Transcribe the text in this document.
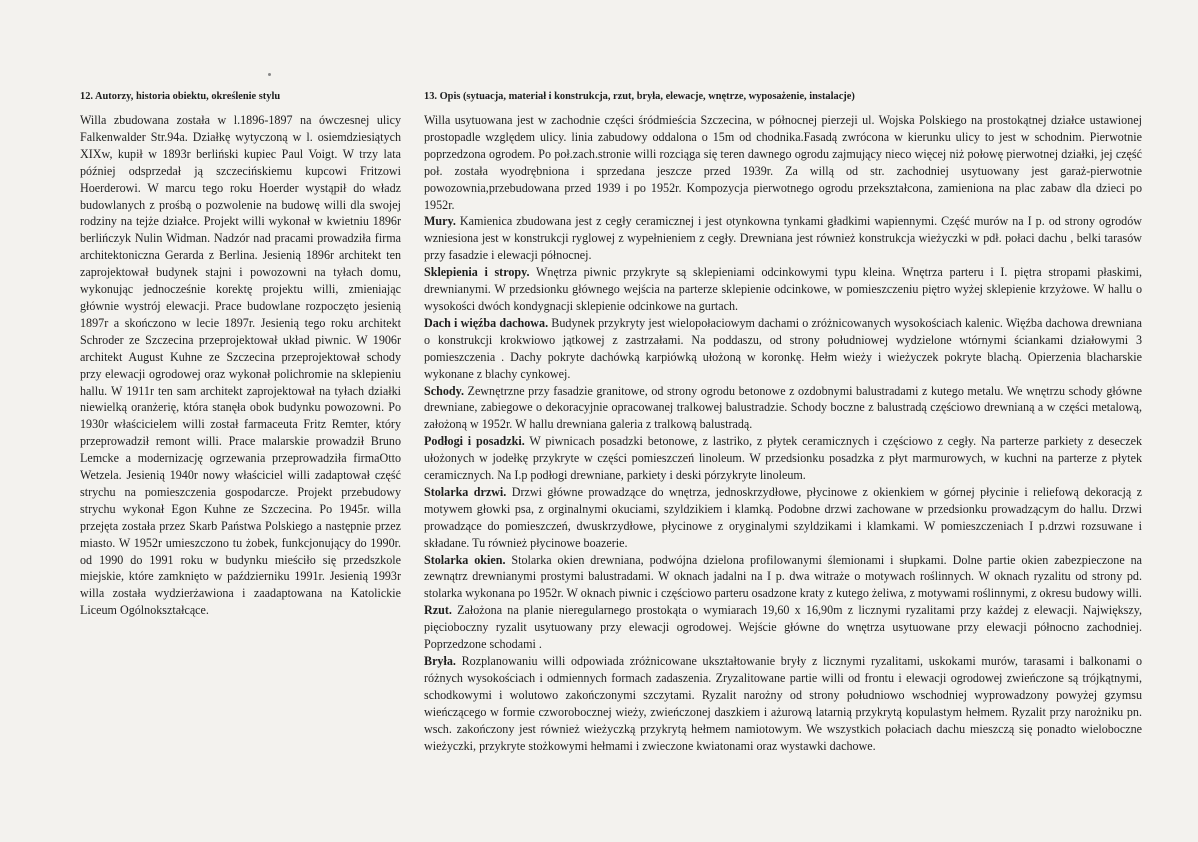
12. Autorzy, historia obiektu, określenie stylu

Willa zbudowana została w l.1896-1897 na ówczesnej ulicy Falkenwalder Str.94a. Działkę wytyczoną w l. osiemdziesiątych XIXw, kupił w 1893r berliński kupiec Paul Voigt. W trzy lata później odsprzedał ją szczecińskiemu kupcowi Fritzowi Hoerderowi. W marcu tego roku Hoerder wystąpił do władz budowlanych z prośbą o pozwolenie na budowę willi dla swojej rodziny na tejże działce. Projekt willi wykonał w kwietniu 1896r berlińczyk Nulin Widman. Nadzór nad pracami prowadziła firma architektoniczna Gerarda z Berlina. Jesienią 1896r architekt ten zaprojektował budynek stajni i powozowni na tyłach domu, wykonując jednocześnie korektę projektu willi, zmieniając głównie wystrój elewacji. Prace budowlane rozpoczęto jesienią 1897r a skończono w lecie 1897r. Jesienią tego roku architekt Schroder ze Szczecina przeprojektował układ piwnic. W 1906r architekt August Kuhne ze Szczecina przeprojektował schody przy elewacji ogrodowej oraz wykonał polichromie na sklepieniu hallu. W 1911r ten sam architekt zaprojektował na tyłach działki niewielką oranżerię, która stanęła obok budynku powozowni. Po 1930r właścicielem willi został farmaceuta Fritz Remter, który przeprowadził remont willi. Prace malarskie prowadził Bruno Lemcke a modernizację ogrzewania przeprowadziła firmaOtto Wetzela. Jesienią 1940r nowy właściciel willi zadaptował część strychu na pomieszczenia gospodarcze. Projekt przebudowy strychu wykonał Egon Kuhne ze Szczecina. Po 1945r. willa przejęta została przez Skarb Państwa Polskiego a następnie przez miasto. W 1952r umieszczono tu żobek, funkcjonujący do 1990r. od 1990 do 1991 roku w budynku mieściło się przedszkole miejskie, które zamknięto w październiku 1991r. Jesienią 1993r willa została wydzierżawiona i zaadaptowana na Katolickie Liceum Ogólnokształcące.

13. Opis (sytuacja, materiał i konstrukcja, rzut, bryła, elewacje, wnętrze, wyposażenie, instalacje)

Willa usytuowana jest w zachodnie części śródmieścia Szczecina, w północnej pierzeji ul. Wojska Polskiego na prostokątnej działce ustawionej prostopadle względem ulicy. linia zabudowy oddalona o 15m od chodnika.Fasadą zwrócona w kierunku ulicy to jest w schodnim. Pierwotnie poprzedzona ogrodem. Po poł.zach.stronie willi rozciąga się teren dawnego ogrodu zajmujący nieco więcej niż połowę pierwotnej działki, jej część poł. została wyodrębniona i sprzedana jeszcze przed 1939r. Za willą od str. zachodniej usytuowany jest garaż-pierwotnie powozownia,przebudowana przed 1939 i po 1952r. Kompozycja pierwotnego ogrodu przekształcona, zamieniona na plac zabaw dla dzieci po 1952r.

Mury. Kamienica zbudowana jest z cegły ceramicznej i jest otynkowna tynkami gładkimi wapiennymi. Część murów na I p. od strony ogrodów wzniesiona jest w konstrukcji ryglowej z wypełnieniem z cegły. Drewniana jest również konstrukcja wieżyczki w pdł. połaci dachu , belki tarasów przy fasadzie i elewacji północnej.

Sklepienia i stropy. Wnętrza piwnic przykryte są sklepieniami odcinkowymi typu kleina. Wnętrza parteru i I. piętra stropami płaskimi, drewnianymi. W przedsionku głównego wejścia na parterze sklepienie odcinkowe, w pomieszczeniu piętro wyżej sklepienie krzyżowe. W hallu o wysokości dwóch kondygnacji sklepienie odcinkowe na gurtach.

Dach i więźba dachowa. Budynek przykryty jest wielopołaciowym dachami o zróżnicowanych wysokościach kalenic. Więźba dachowa drewniana o konstrukcji krokwiowo jątkowej z zastrzałami. Na poddaszu, od strony południowej wydzielone wtórnymi ściankami działowymi 3 pomieszczenia . Dachy pokryte dachówką karpiówką ułożoną w koronkę. Hełm wieży i wieżyczek pokryte blachą. Opierzenia blacharskie wykonane z blachy cynkowej.

Schody. Zewnętrzne przy fasadzie granitowe, od strony ogrodu betonowe z ozdobnymi balustradami z kutego metalu. We wnętrzu schody główne drewniane, zabiegowe o dekoracyjnie opracowanej tralkowej balustradzie. Schody boczne z balustradą częściowo drewnianą a w części metalową, założoną w 1952r. W hallu drewniana galeria z tralkową balustradą.

Podłogi i posadzki. W piwnicach posadzki betonowe, z lastriko, z płytek ceramicznych i częściowo z cegły. Na parterze parkiety z deseczek ułożonych w jodełkę przykryte w części pomieszczeń linoleum. W przedsionku posadzka z płyt marmurowych, w kuchni na parterze z płytek ceramicznych. Na I.p podłogi drewniane, parkiety i deski pórzykryte linoleum.

Stolarka drzwi. Drzwi główne prowadzące do wnętrza, jednoskrzydłowe, płycinowe z okienkiem w górnej płycinie i reliefową dekoracją z motywem głowki psa, z orginalnymi okuciami, szyldzikiem i klamką. Podobne drzwi zachowane w przedsionku prowadzącym do hallu. Drzwi prowadzące do pomieszczeń, dwuskrzydłowe, płycinowe z oryginalymi szyldzikami i klamkami. W pomieszczeniach I p.drzwi rozsuwane i składane. Tu również płycinowe boazerie.

Stolarka okien. Stolarka okien drewniana, podwójna dzielona profilowanymi ślemionami i słupkami. Dolne partie okien zabezpieczone na zewnątrz drewnianymi prostymi balustradami. W oknach jadalni na I p. dwa witraże o motywach roślinnych. W oknach ryzalitu od strony pd. stolarka wykonana po 1952r. W oknach piwnic i częściowo parteru osadzone kraty z kutego żeliwa, z motywami roślinnymi, z okresu budowy willi.

Rzut. Założona na planie nieregularnego prostokąta o wymiarach 19,60 x 16,90m z licznymi ryzalitami przy każdej z elewacji. Największy, pięcioboczny ryzalit usytuowany przy elewacji ogrodowej. Wejście główne do wnętrza usytuowane przy elewacji północno zachodniej. Poprzedzone schodami .

Bryła. Rozplanowaniu willi odpowiada zróżnicowane ukształtowanie bryły z licznymi ryzalitami, uskokami murów, tarasami i balkonami o różnych wysokościach i odmiennych formach zadaszenia. Zryzalitowane partie willi od frontu i elewacji ogrodowej zwieńczone są trójkątnymi, schodkowymi i wolutowo zakończonymi szczytami. Ryzalit narożny od strony południowo wschodniej wyprowadzony powyżej gzymsu wieńczącego w formie czworobocznej wieży, zwieńczonej daszkiem i ażurową latarnią przykrytą kopulastym hełmem. Ryzalit przy narożniku pn. wsch. zakończony jest również wieżyczką przykrytą hełmem namiotowym. We wszystkich połaciach dachu mieszczą się ponadto wieloboczne wieżyczki, przykryte stożkowymi hełmami i zwieczone kwiatonami oraz wystawki dachowe.
